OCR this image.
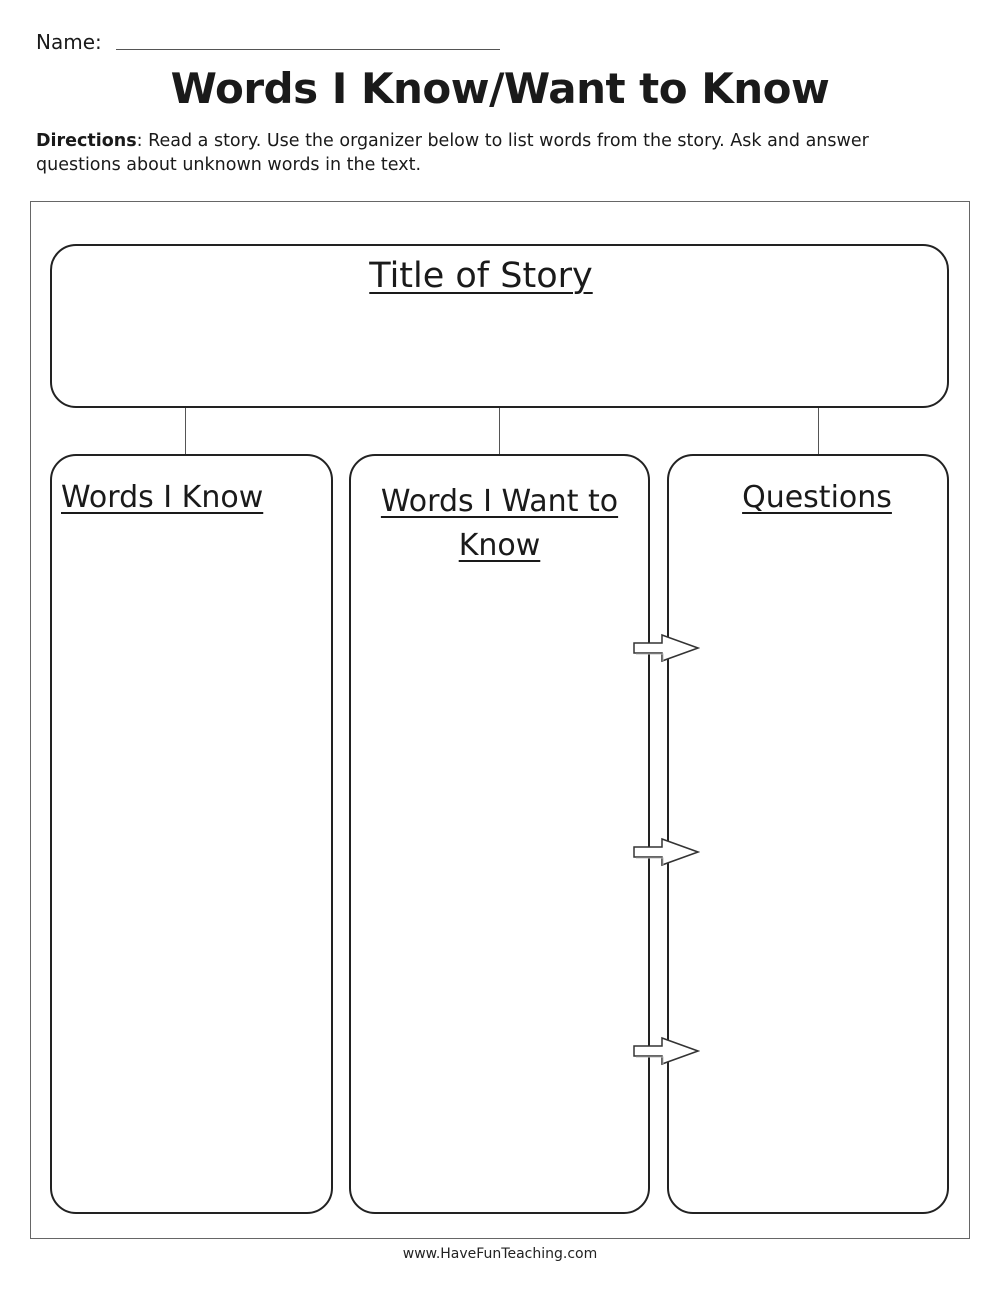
Name:
Words I Know/Want to Know
Directions: Read a story. Use the organizer below to list words from the story. Ask and answer questions about unknown words in the text.
Title of Story
Words I Know	Words I Want to Know
Questions
www.HaveFunTeaching.com
